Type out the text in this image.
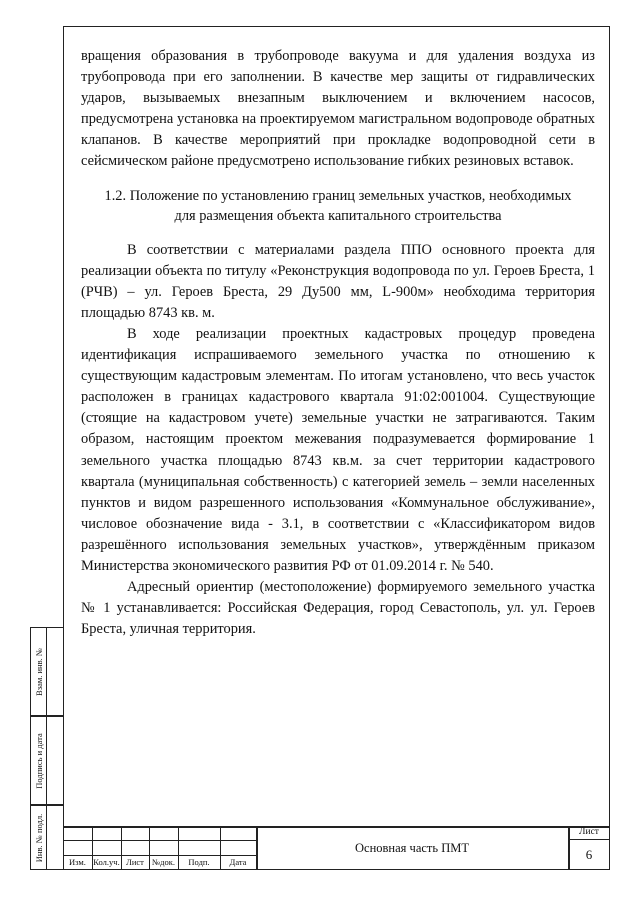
вращения образования в трубопроводе вакуума и для удаления воздуха из трубопровода при его заполнении. В качестве мер защиты от гидравлических ударов, вызываемых внезапным выключением и включением насосов, предусмотрена установка на проектируемом магистральном водопроводе обратных клапанов. В качестве мероприятий при прокладке водопроводной сети в сейсмическом районе предусмотрено использование гибких резиновых вставок.

1.2. Положение по установлению границ земельных участков, необходимых
для размещения объекта капитального строительства

В соответствии с материалами раздела ППО основного проекта для реализации объекта по титулу «Реконструкция водопровода по ул. Героев Бреста, 1 (РЧВ) – ул. Героев Бреста, 29 Ду500 мм, L-900м» необходима территория площадью 8743 кв. м.

В ходе реализации проектных кадастровых процедур проведена идентификация испрашиваемого земельного участка по отношению к существующим кадастровым элементам. По итогам установлено, что весь участок расположен в границах кадастрового квартала 91:02:001004. Существующие (стоящие на кадастровом учете) земельные участки не затрагиваются. Таким образом, настоящим проектом межевания подразумевается формирование 1 земельного участка площадью 8743 кв.м. за счет территории кадастрового квартала (муниципальная собственность) с категорией земель – земли населенных пунктов и видом разрешенного использования «Коммунальное обслуживание», числовое обозначение вида - 3.1, в соответствии с «Классификатором видов разрешённого использования земельных участков», утверждённым приказом Министерства экономического развития РФ от 01.09.2014 г. № 540.

Адресный ориентир (местоположение) формируемого земельного участка № 1 устанавливается: Российская Федерация, город Севастополь, ул. ул. Героев Бреста, уличная территория.

Взам. инв. №
Подпись и дата
Инв. № подл.
Изм. Кол.уч. Лист №док.	Подп.	Дата
Основная часть ПМТ
Лист
6
